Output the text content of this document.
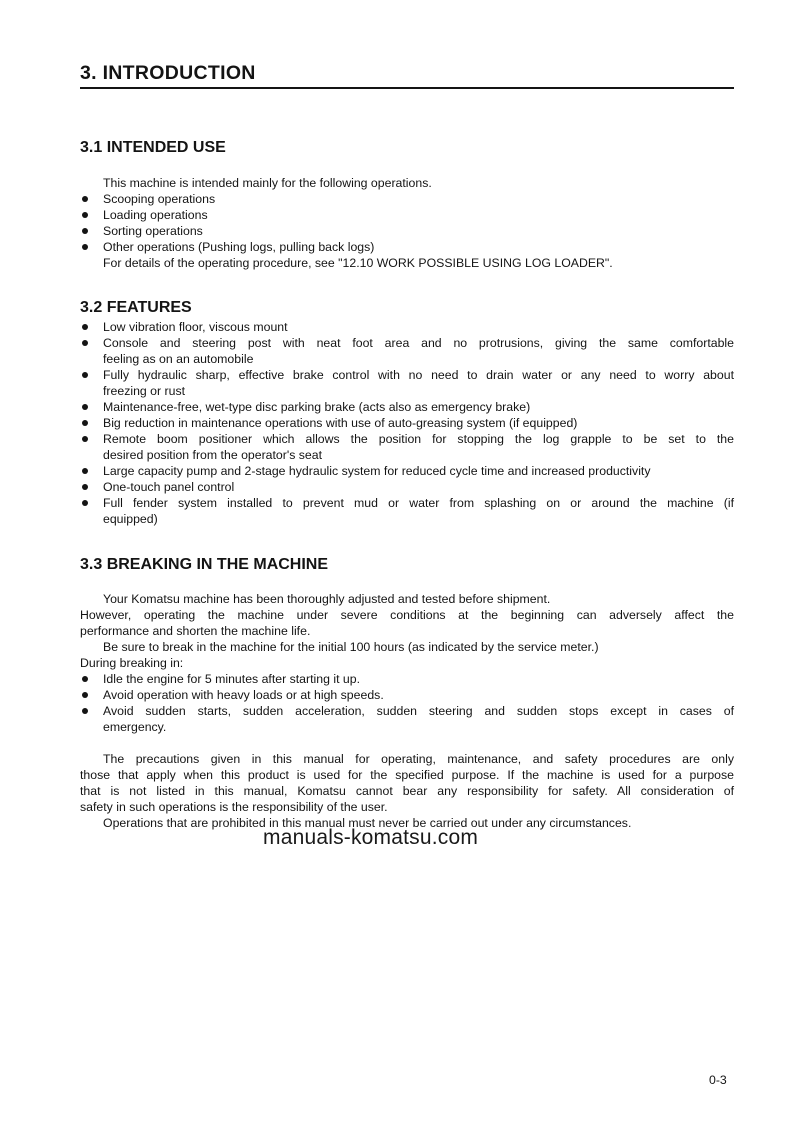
3. INTRODUCTION
3.1 INTENDED USE
This machine is intended mainly for the following operations.
Scooping operations
Loading operations
Sorting operations
Other operations (Pushing logs, pulling back logs)
For details of the operating procedure, see "12.10 WORK POSSIBLE USING LOG LOADER".
3.2 FEATURES
Low vibration floor, viscous mount
Console and steering post with neat foot area and no protrusions, giving the same comfortable
feeling as on an automobile
Fully hydraulic sharp, effective brake control with no need to drain water or any need to worry about
freezing or rust
Maintenance-free, wet-type disc parking brake (acts also as emergency brake)
Big reduction in maintenance operations with use of auto-greasing system (if equipped)
Remote boom positioner which allows the position for stopping the log grapple to be set to the
desired position from the operator's seat
Large capacity pump and 2-stage hydraulic system for reduced cycle time and increased productivity
One-touch panel control
Full fender system installed to prevent mud or water from splashing on or around the machine (if
equipped)
3.3 BREAKING IN THE MACHINE
Your Komatsu machine has been thoroughly adjusted and tested before shipment.
However, operating the machine under severe conditions at the beginning can adversely affect the
performance and shorten the machine life.
Be sure to break in the machine for the initial 100 hours (as indicated by the service meter.)
During breaking in:
Idle the engine for 5 minutes after starting it up.
Avoid operation with heavy loads or at high speeds.
Avoid sudden starts, sudden acceleration, sudden steering and sudden stops except in cases of
emergency.
The precautions given in this manual for operating, maintenance, and safety procedures are only
those that apply when this product is used for the specified purpose. If the machine is used for a purpose
that is not listed in this manual, Komatsu cannot bear any responsibility for safety. All consideration of
safety in such operations is the responsibility of the user.
Operations that are prohibited in this manual must never be carried out under any circumstances.
manuals-komatsu.com
0-3
